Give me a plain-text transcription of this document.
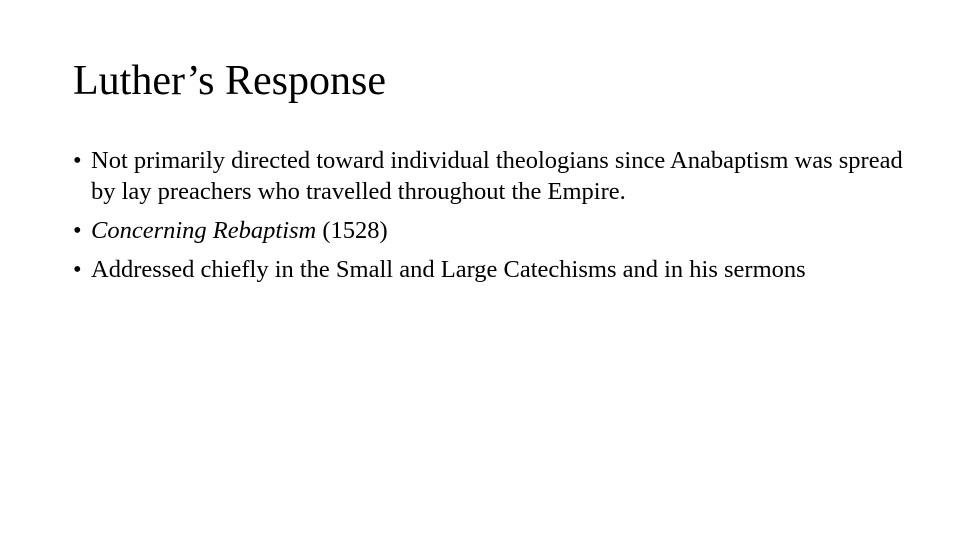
Luther’s Response
• Not primarily directed toward individual theologians since Anabaptism was spread by lay preachers who travelled throughout the Empire.
• Concerning Rebaptism (1528)
• Addressed chiefly in the Small and Large Catechisms and in his sermons
